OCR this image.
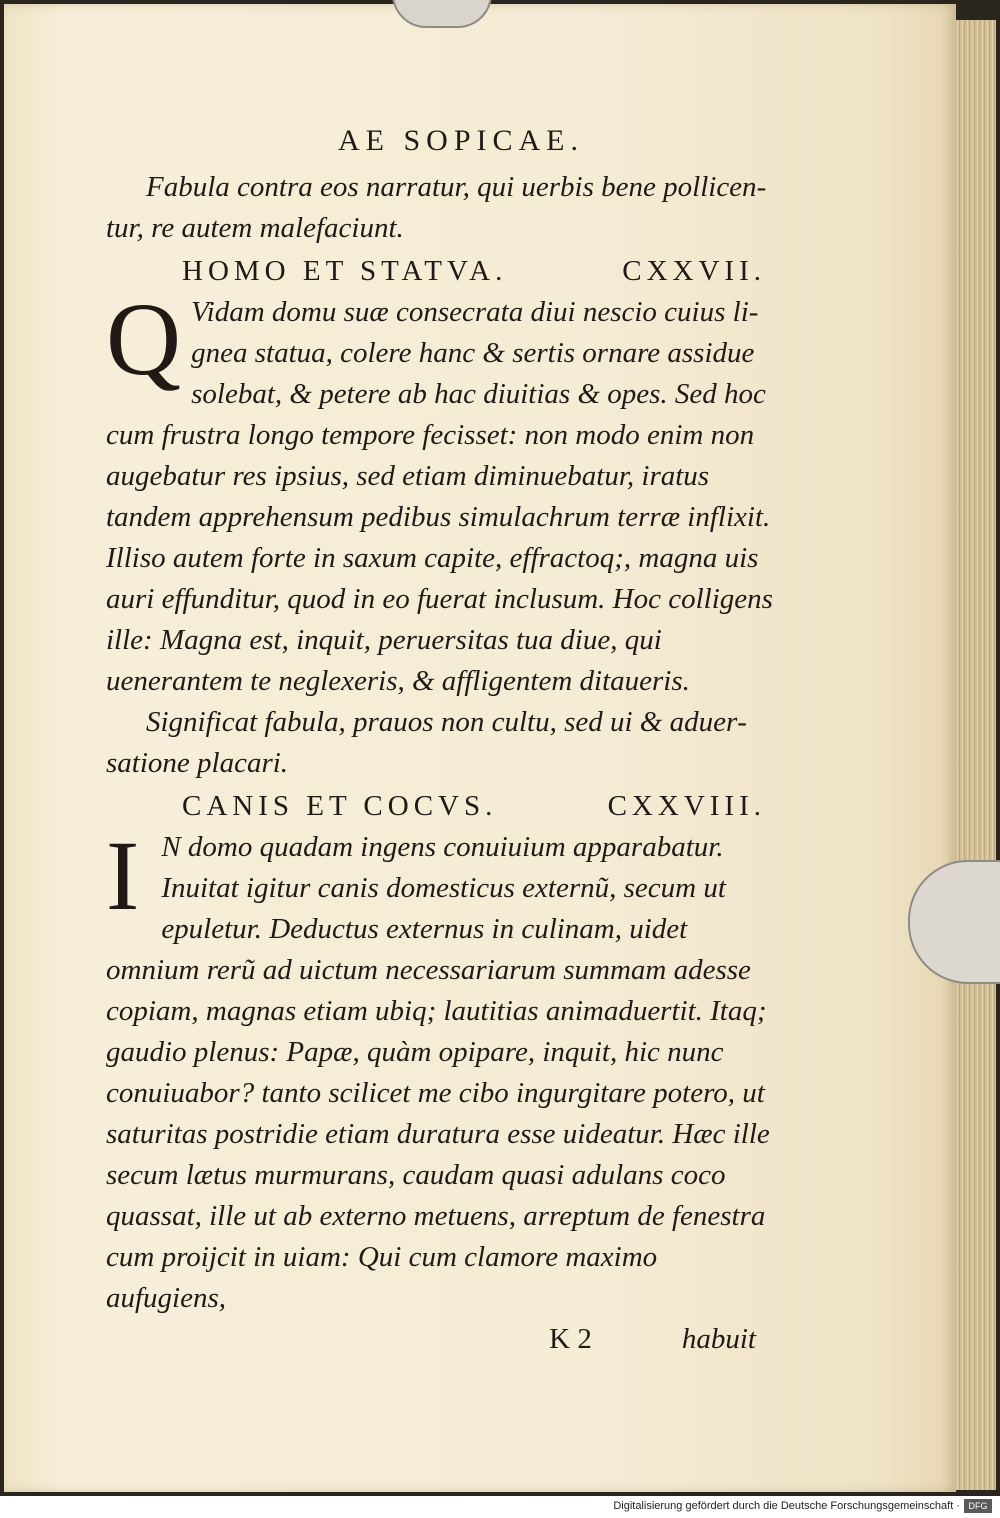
AE SOPICAE.

Fabula contra eos narratur, qui uerbis bene pollicentur, re autem malefaciunt.

HOMO ET STATVA.	CXXVII.
Q Vidam domu suæ consecrata diui nescio cuius lignea statua, colere hanc & sertis ornare assidue solebat, & petere ab hac diuitias & opes. Sed hoc cum frustra longo tempore fecisset: non modo enim non augebatur res ipsius, sed etiam diminuebatur, iratus tandem apprehensum pedibus simulachrum terræ inflixit. Illiso autem forte in saxum capite, effractoq;, magna uis auri effunditur, quod in eo fuerat inclusum. Hoc colligens ille: Magna est, inquit, peruersitas tua diue, qui uenerantem te neglexeris, & affligentem ditaueris.

Significat fabula, prauos non cultu, sed ui & aduersatione placari.

CANIS ET COCVS.	CXXVIII.
I N domo quadam ingens conuiuium apparabatur. Inuitat igitur canis domesticus externũ, secum ut epuletur. Deductus externus in culinam, uidet omnium rerũ ad uictum necessariarum summam adesse copiam, magnas etiam ubiq; lautitias animaduertit. Itaq; gaudio plenus: Papæ, quàm opipare, inquit, hic nunc conuiuabor? tanto scilicet me cibo ingurgitare potero, ut saturitas postridie etiam duratura esse uideatur. Hæc ille secum lætus murmurans, caudam quasi adulans coco quassat, ille ut ab externo metuens, arreptum de fenestra cum proijcit in uiam: Qui cum clamore maximo aufugiens,
K 2	habuit
Digitalisierung gefördert durch die Deutsche Forschungsgemeinschaft · DFG
